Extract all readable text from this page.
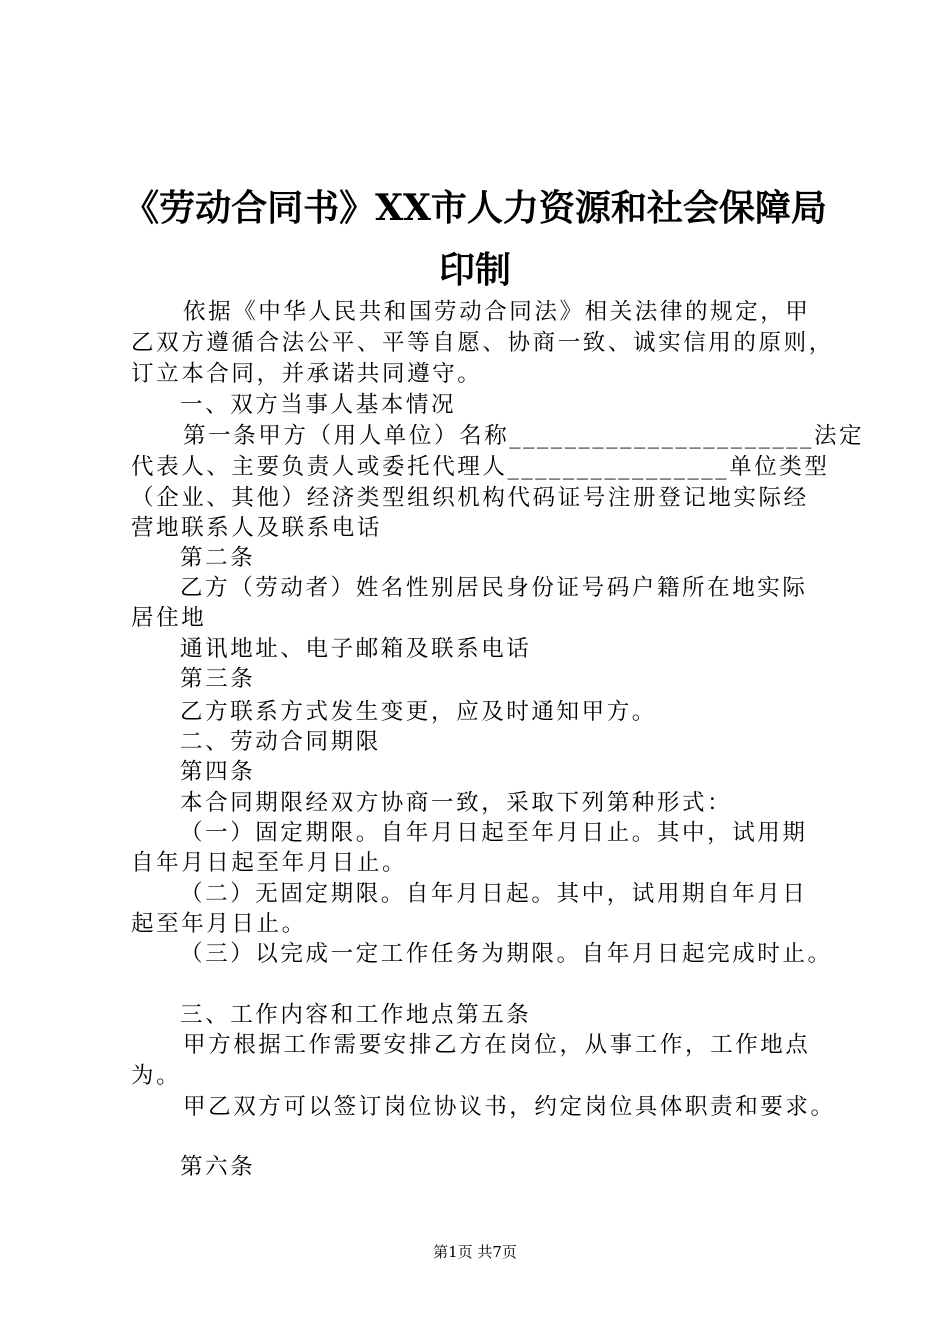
《劳动合同书》XX市人力资源和社会保障局
印制
依据《中华人民共和国劳动合同法》相关法律的规定，甲
乙双方遵循合法公平、平等自愿、协商一致、诚实信用的原则，
订立本合同，并承诺共同遵守。
一、双方当事人基本情况
第一条甲方（用人单位）名称______________________法定
代表人、主要负责人或委托代理人________________单位类型
（企业、其他）经济类型组织机构代码证号注册登记地实际经
营地联系人及联系电话
第二条
乙方（劳动者）姓名性别居民身份证号码户籍所在地实际
居住地
通讯地址、电子邮箱及联系电话
第三条
乙方联系方式发生变更，应及时通知甲方。
二、劳动合同期限
第四条
本合同期限经双方协商一致，采取下列第种形式：
（一）固定期限。自年月日起至年月日止。其中，试用期
自年月日起至年月日止。
（二）无固定期限。自年月日起。其中，试用期自年月日
起至年月日止。
（三）以完成一定工作任务为期限。自年月日起完成时止。
三、工作内容和工作地点第五条
甲方根据工作需要安排乙方在岗位，从事工作，工作地点
为。
甲乙双方可以签订岗位协议书，约定岗位具体职责和要求。
第六条
第1页 共7页
